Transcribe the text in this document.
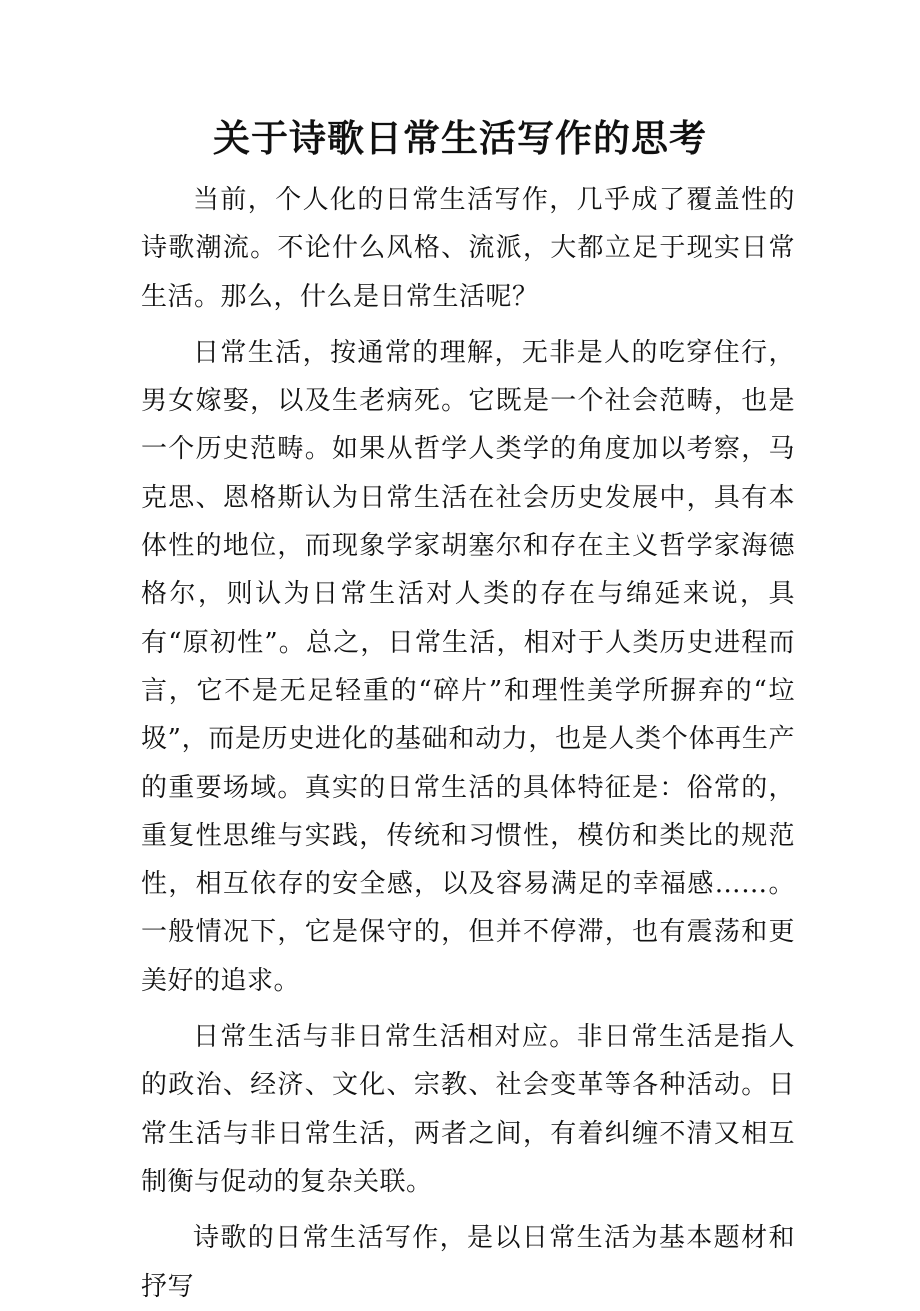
关于诗歌日常生活写作的思考

当前，个人化的日常生活写作，几乎成了覆盖性的诗歌潮流。不论什么风格、流派，大都立足于现实日常生活。那么，什么是日常生活呢？

日常生活，按通常的理解，无非是人的吃穿住行，男女嫁娶，以及生老病死。它既是一个社会范畴，也是一个历史范畴。如果从哲学人类学的角度加以考察，马克思、恩格斯认为日常生活在社会历史发展中，具有本体性的地位，而现象学家胡塞尔和存在主义哲学家海德格尔，则认为日常生活对人类的存在与绵延来说，具有“原初性”。总之，日常生活，相对于人类历史进程而言，它不是无足轻重的“碎片”和理性美学所摒弃的“垃圾”，而是历史进化的基础和动力，也是人类个体再生产的重要场域。真实的日常生活的具体特征是：俗常的，重复性思维与实践，传统和习惯性，模仿和类比的规范性，相互依存的安全感，以及容易满足的幸福感……。一般情况下，它是保守的，但并不停滞，也有震荡和更美好的追求。

日常生活与非日常生活相对应。非日常生活是指人的政治、经济、文化、宗教、社会变革等各种活动。日常生活与非日常生活，两者之间，有着纠缠不清又相互制衡与促动的复杂关联。

诗歌的日常生活写作，是以日常生活为基本题材和抒写
